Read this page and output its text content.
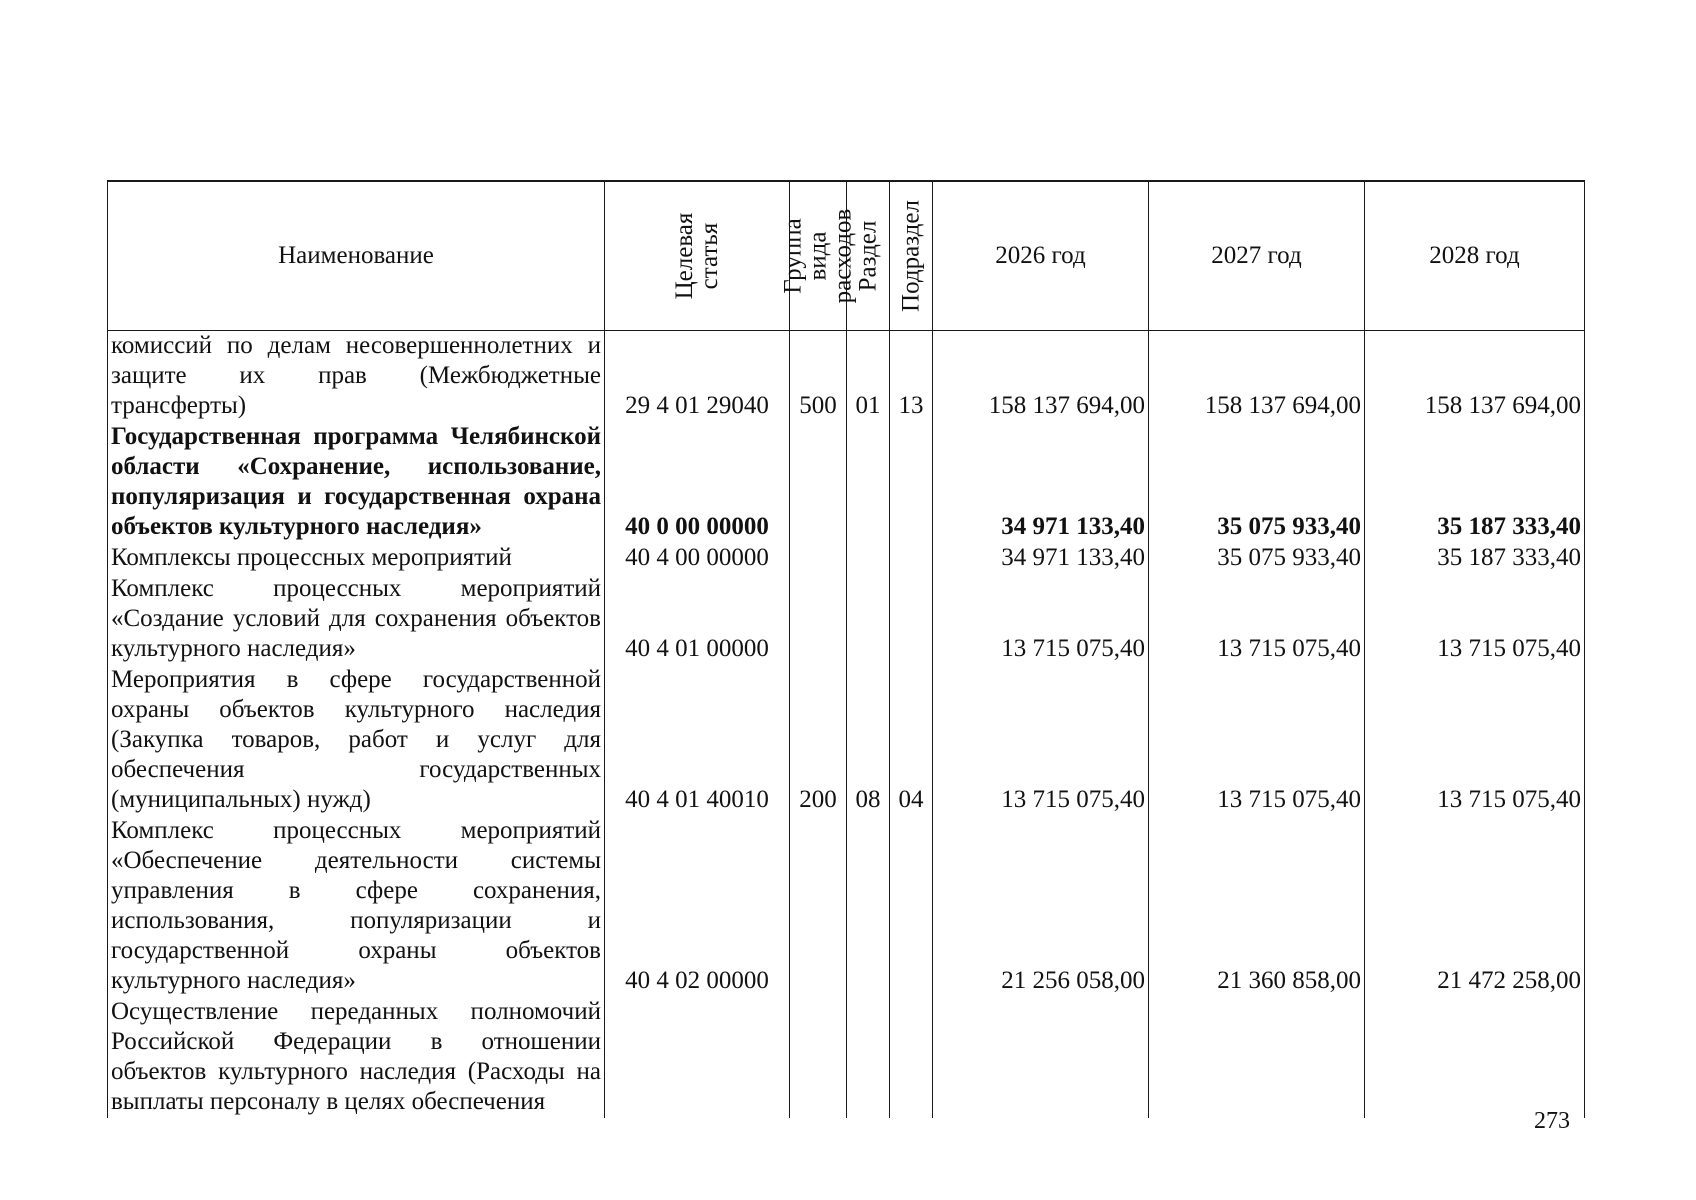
Наименование	Целевая статья	Группа вида расходов	Раздел	Подраздел	2026 год	2027 год	2028 год
комиссий по делам несовершеннолетних и защите их прав (Межбюджетные трансферты)	29 4 01 29040	500	01	13	158 137 694,00	158 137 694,00	158 137 694,00
Государственная программа Челябинской области «Сохранение, использование, популяризация и государственная охрана объектов культурного наследия»	40 0 00 00000				34 971 133,40	35 075 933,40	35 187 333,40
Комплексы процессных мероприятий	40 4 00 00000				34 971 133,40	35 075 933,40	35 187 333,40
Комплекс процессных мероприятий «Создание условий для сохранения объектов культурного наследия»	40 4 01 00000				13 715 075,40	13 715 075,40	13 715 075,40
Мероприятия в сфере государственной охраны объектов культурного наследия (Закупка товаров, работ и услуг для обеспечения государственных (муниципальных) нужд)	40 4 01 40010	200	08	04	13 715 075,40	13 715 075,40	13 715 075,40
Комплекс процессных мероприятий «Обеспечение деятельности системы управления в сфере сохранения, использования, популяризации и государственной охраны объектов культурного наследия»	40 4 02 00000				21 256 058,00	21 360 858,00	21 472 258,00
Осуществление переданных полномочий Российской Федерации в отношении объектов культурного наследия (Расходы на выплаты персоналу в целях обеспечения							
273
